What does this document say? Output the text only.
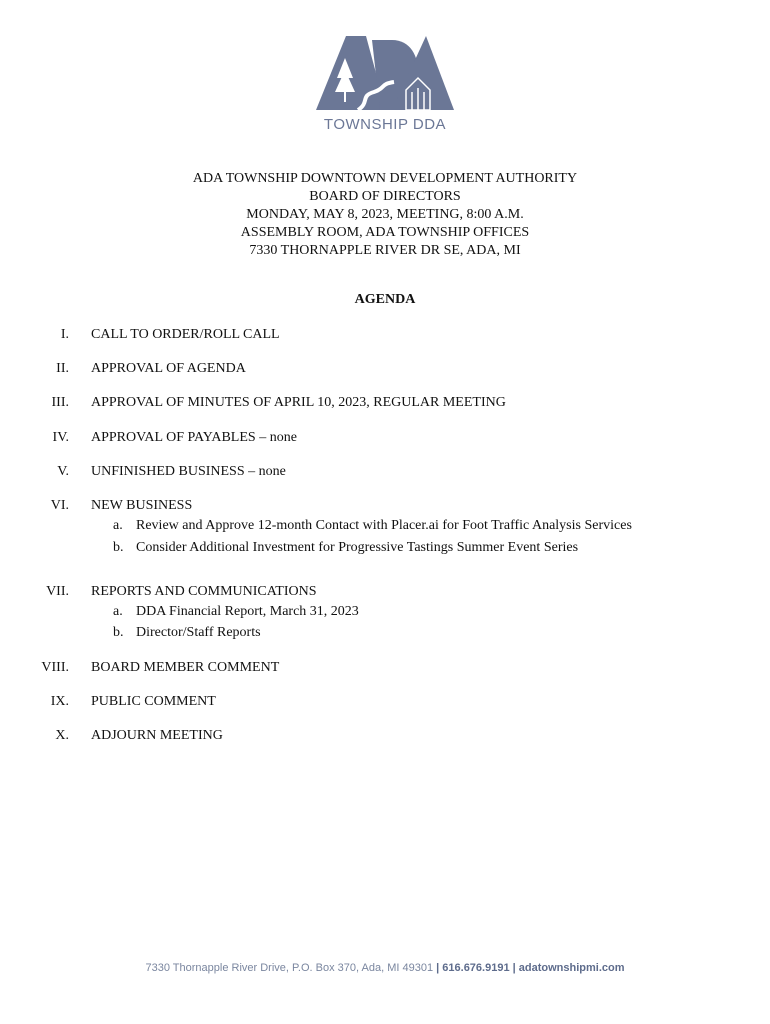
TOWNSHIP DDA
ADA TOWNSHIP DOWNTOWN DEVELOPMENT AUTHORITY
BOARD OF DIRECTORS
MONDAY, MAY 8, 2023, MEETING, 8:00 A.M.
ASSEMBLY ROOM, ADA TOWNSHIP OFFICES
7330 THORNAPPLE RIVER DR SE, ADA, MI
AGENDA
I. CALL TO ORDER/ROLL CALL
II. APPROVAL OF AGENDA
III. APPROVAL OF MINUTES OF APRIL 10, 2023, REGULAR MEETING
IV. APPROVAL OF PAYABLES – none
V. UNFINISHED BUSINESS – none
VI. NEW BUSINESS
a. Review and Approve 12-month Contact with Placer.ai for Foot Traffic Analysis Services
b. Consider Additional Investment for Progressive Tastings Summer Event Series
VII. REPORTS AND COMMUNICATIONS
a. DDA Financial Report, March 31, 2023
b. Director/Staff Reports
VIII. BOARD MEMBER COMMENT
IX. PUBLIC COMMENT
X. ADJOURN MEETING
7330 Thornapple River Drive, P.O. Box 370, Ada, MI 49301 | 616.676.9191 | adatownshipmi.com
